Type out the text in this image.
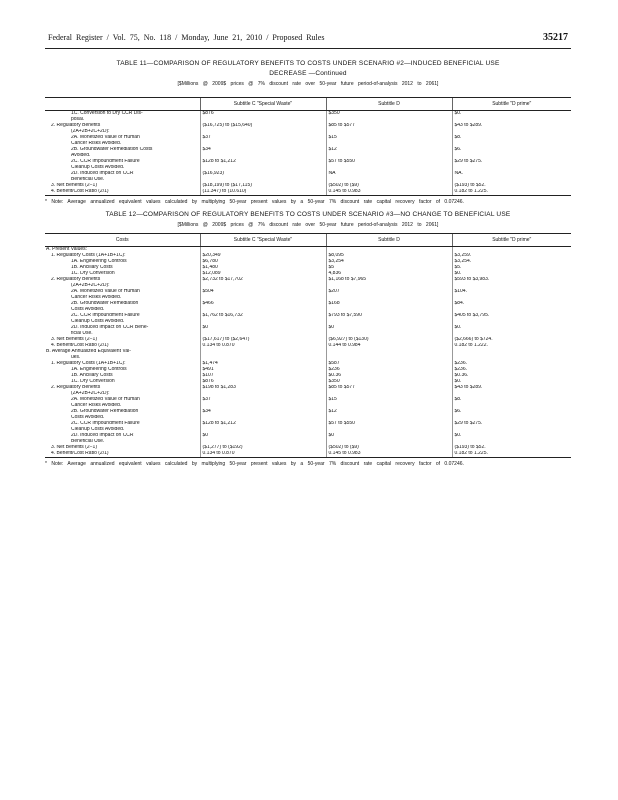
Federal Register / Vol. 75, No. 118 / Monday, June 21, 2010 / Proposed Rules	35217
TABLE 11—COMPARISON OF REGULATORY BENEFITS TO COSTS UNDER SCENARIO #2—INDUCED BENEFICIAL USE
DECREASE —Continued
[$Millions @ 2009$ prices @ 7% discount rate over 50-year future period-of-analysis 2012 to 2061]
	Subtitle C "Special Waste"	Subtitle D	Subtitle "D prime"
1C. Conversion to Dry CCR Dis-	$876	$350	$0.
posal.			
2. Regulatory Benefits	($16,725) to ($15,640)	$85 to $577	$43 to $289.
(2A+2B+2C+2D):			
2A. Monetized Value of Human	$37	$15	$8.
Cancer Risks Avoided.			
2B. Groundwater Remediation Costs	$34	$12	$6.
Avoided.			
2C. CCR Impoundment Failure	$128 to $1,212	$57 to $550	$29 to $275.
Cleanup Costs Avoided.			
2D. Induced Impact on CCR	($16,923)	NA	NA.
Beneficial Use.			
3. Net Benefits (2−1)	($18,199) to ($17,115)	($502) to ($9)	($193) to $52.
4. Benefit/Cost Ratio (2/1)	(11.347) to (10.610)	0.145 to 0.983	0.182 to 1.225.
* Note: Average annualized equivalent values calculated by multiplying 50-year present values by a 50-year 7% discount rate capital recovery factor of 0.07246.
TABLE 12—COMPARISON OF REGULATORY BENEFITS TO COSTS UNDER SCENARIO #3—NO CHANGE TO BENEFICIAL USE
[$Millions @ 2009$ prices @ 7% discount rate over 50-year future period-of-analysis 2012 to 2061]
Costs	Subtitle C "Special Waste"	Subtitle D	Subtitle "D prime"
A. Present Values:			
1. Regulatory Costs (1A+1B+1C):	$20,349	$8,095	$3,259.
1A. Engineering Controls	$6,780	$3,254	$3,254.
1B. Ancillary Costs	$1,480	$5	$5.
1C. Dry Conversion	$12,089	4,836	$0.
2. Regulatory Benefits	$2,732 to $17,702	$1,168 to $7,965	$593 to $3,983.
(2A+2B+2C+2D):			
2A. Monetized Value of Human	$504	$207	$104.
Cancer Risks Avoided.			
2B. Groundwater Remediation	$466	$168	$84.
Costs Avoided.			
2C. CCR Impoundment Failure	$1,762 to $16,732	$793 to $7,590	$405 to $3,795.
Cleanup Costs Avoided.			
2D. Induced Impact on CCR Bene-	$0	$0	$0.
ficial Use.			
3. Net Benefits (2−1)	($17,617) to ($2,647)	($6,927) to ($130)	($2,666) to $724.
4. Benefit/Cost Ratio (2/1)	0.134 to 0.870	0.144 to 0.984	0.182 to 1.222.
B. Average Annualized Equivalent Val-			
ues.			
1. Regulatory Costs (1A+1B+1C):	$1,474	$587	$236.
1A. Engineering Controls	$491	$236	$236.
1B. Ancillary Costs	$107	$0.36	$0.36.
1C. Dry Conversion	$876	$350	$0.
2. Regulatory Benefits	$198 to $1,283	$85 to $577	$43 to $289.
(2A+2B+2C+2D):			
2A. Monetized Value of Human	$37	$15	$8.
Cancer Risks Avoided.			
2B. Groundwater Remediation	$34	$12	$6.
Costs Avoided.			
2C. CCR Impoundment Failure	$128 to $1,212	$57 to $550	$29 to $275.
Cleanup Costs Avoided.			
2D. Induced Impact on CCR	$0	$0	$0.
Beneficial Use.			
3. Net Benefits (2−1)	($1,277) to ($192)	($502) to ($9)	($193) to $52.
4. Benefit/Cost Ratio (2/1)	0.134 to 0.870	0.145 to 0.983	0.182 to 1.225.
* Note: Average annualized equivalent values calculated by multiplying 50-year present values by a 50-year 7% discount rate capital recovery factor of 0.07246.
